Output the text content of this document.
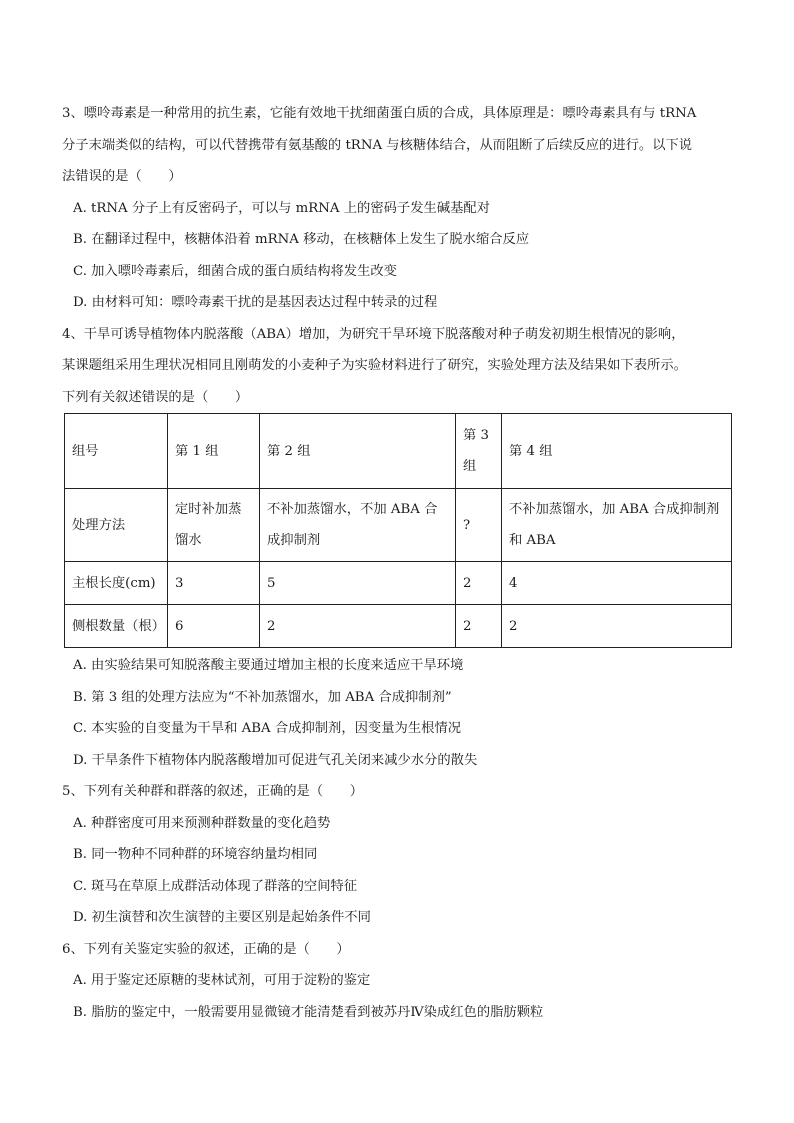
3、嘌呤毒素是一种常用的抗生素，它能有效地干扰细菌蛋白质的合成，具体原理是：嘌呤毒素具有与 tRNA
分子末端类似的结构，可以代替携带有氨基酸的 tRNA 与核糖体结合，从而阻断了后续反应的进行。以下说
法错误的是（　　）
A. tRNA 分子上有反密码子，可以与 mRNA 上的密码子发生碱基配对
B. 在翻译过程中，核糖体沿着 mRNA 移动，在核糖体上发生了脱水缩合反应
C. 加入嘌呤毒素后，细菌合成的蛋白质结构将发生改变
D. 由材料可知：嘌呤毒素干扰的是基因表达过程中转录的过程
4、干旱可诱导植物体内脱落酸（ABA）增加，为研究干旱环境下脱落酸对种子萌发初期生根情况的影响，
某课题组采用生理状况相同且刚萌发的小麦种子为实验材料进行了研究，实验处理方法及结果如下表所示。
下列有关叙述错误的是（　　）
组号	第 1 组	第 2 组	第 3 组	第 4 组
处理方法	定时补加蒸馏水	不补加蒸馏水，不加 ABA 合成抑制剂	?	不补加蒸馏水，加 ABA 合成抑制剂和 ABA
主根长度(cm)	3	5	2	4
侧根数量（根）	6	2	2	2
A. 由实验结果可知脱落酸主要通过增加主根的长度来适应干旱环境
B. 第 3 组的处理方法应为“不补加蒸馏水，加 ABA 合成抑制剂”
C. 本实验的自变量为干旱和 ABA 合成抑制剂，因变量为生根情况
D. 干旱条件下植物体内脱落酸增加可促进气孔关闭来减少水分的散失
5、下列有关种群和群落的叙述，正确的是（　　）
A. 种群密度可用来预测种群数量的变化趋势
B. 同一物种不同种群的环境容纳量均相同
C. 斑马在草原上成群活动体现了群落的空间特征
D. 初生演替和次生演替的主要区别是起始条件不同
6、下列有关鉴定实验的叙述，正确的是（　　）
A. 用于鉴定还原糖的斐林试剂，可用于淀粉的鉴定
B. 脂肪的鉴定中，一般需要用显微镜才能清楚看到被苏丹Ⅳ染成红色的脂肪颗粒
